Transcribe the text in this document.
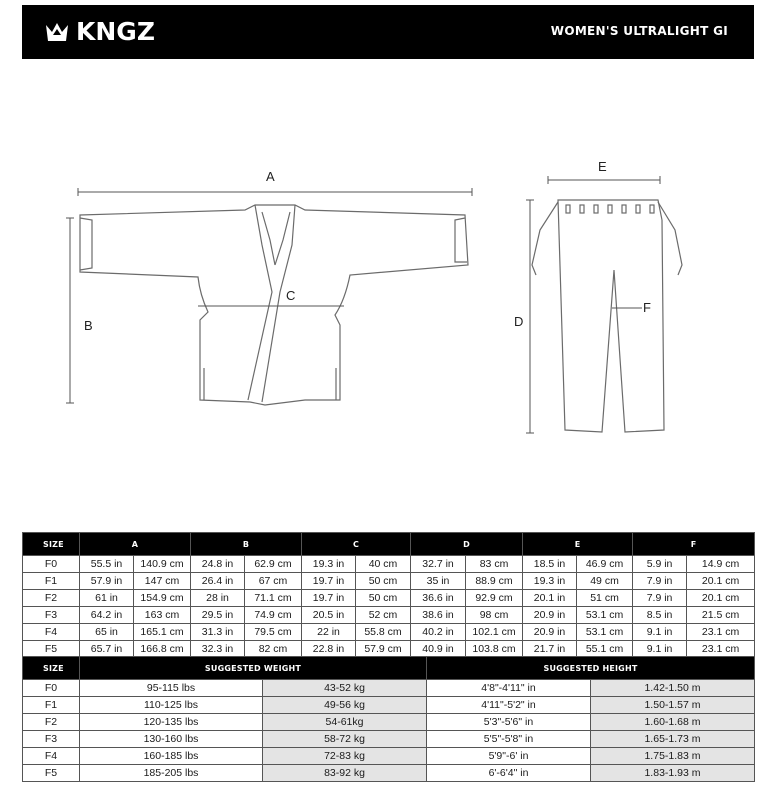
KNGZ	WOMEN'S ULTRALIGHT GI
A
B
C
D
E
F
SIZE	A		B		C		D		E		F	
F0	55.5 in	140.9 cm	24.8 in	62.9 cm	19.3 in	40 cm	32.7 in	83 cm	18.5 in	46.9 cm	5.9 in	14.9 cm
F1	57.9 in	147 cm	26.4 in	67 cm	19.7 in	50 cm	35 in	88.9 cm	19.3 in	49 cm	7.9 in	20.1 cm
F2	61 in	154.9 cm	28 in	71.1 cm	19.7 in	50 cm	36.6 in	92.9 cm	20.1 in	51 cm	7.9 in	20.1 cm
F3	64.2 in	163 cm	29.5 in	74.9 cm	20.5 in	52 cm	38.6 in	98 cm	20.9 in	53.1 cm	8.5 in	21.5 cm
F4	65 in	165.1 cm	31.3 in	79.5 cm	22 in	55.8 cm	40.2 in	102.1 cm	20.9 in	53.1 cm	9.1 in	23.1 cm
F5	65.7 in	166.8 cm	32.3 in	82 cm	22.8 in	57.9 cm	40.9 in	103.8 cm	21.7 in	55.1 cm	9.1 in	23.1 cm
SIZE	SUGGESTED WEIGHT		SUGGESTED HEIGHT	
F0	95-115 lbs	43-52 kg	4'8"-4'11" in	1.42-1.50 m
F1	110-125 lbs	49-56 kg	4'11"-5'2" in	1.50-1.57 m
F2	120-135 lbs	54-61kg	5'3"-5'6" in	1.60-1.68 m
F3	130-160 lbs	58-72 kg	5'5"-5'8" in	1.65-1.73 m
F4	160-185 lbs	72-83 kg	5'9"-6' in	1.75-1.83 m
F5	185-205 lbs	83-92 kg	6'-6'4" in	1.83-1.93 m
